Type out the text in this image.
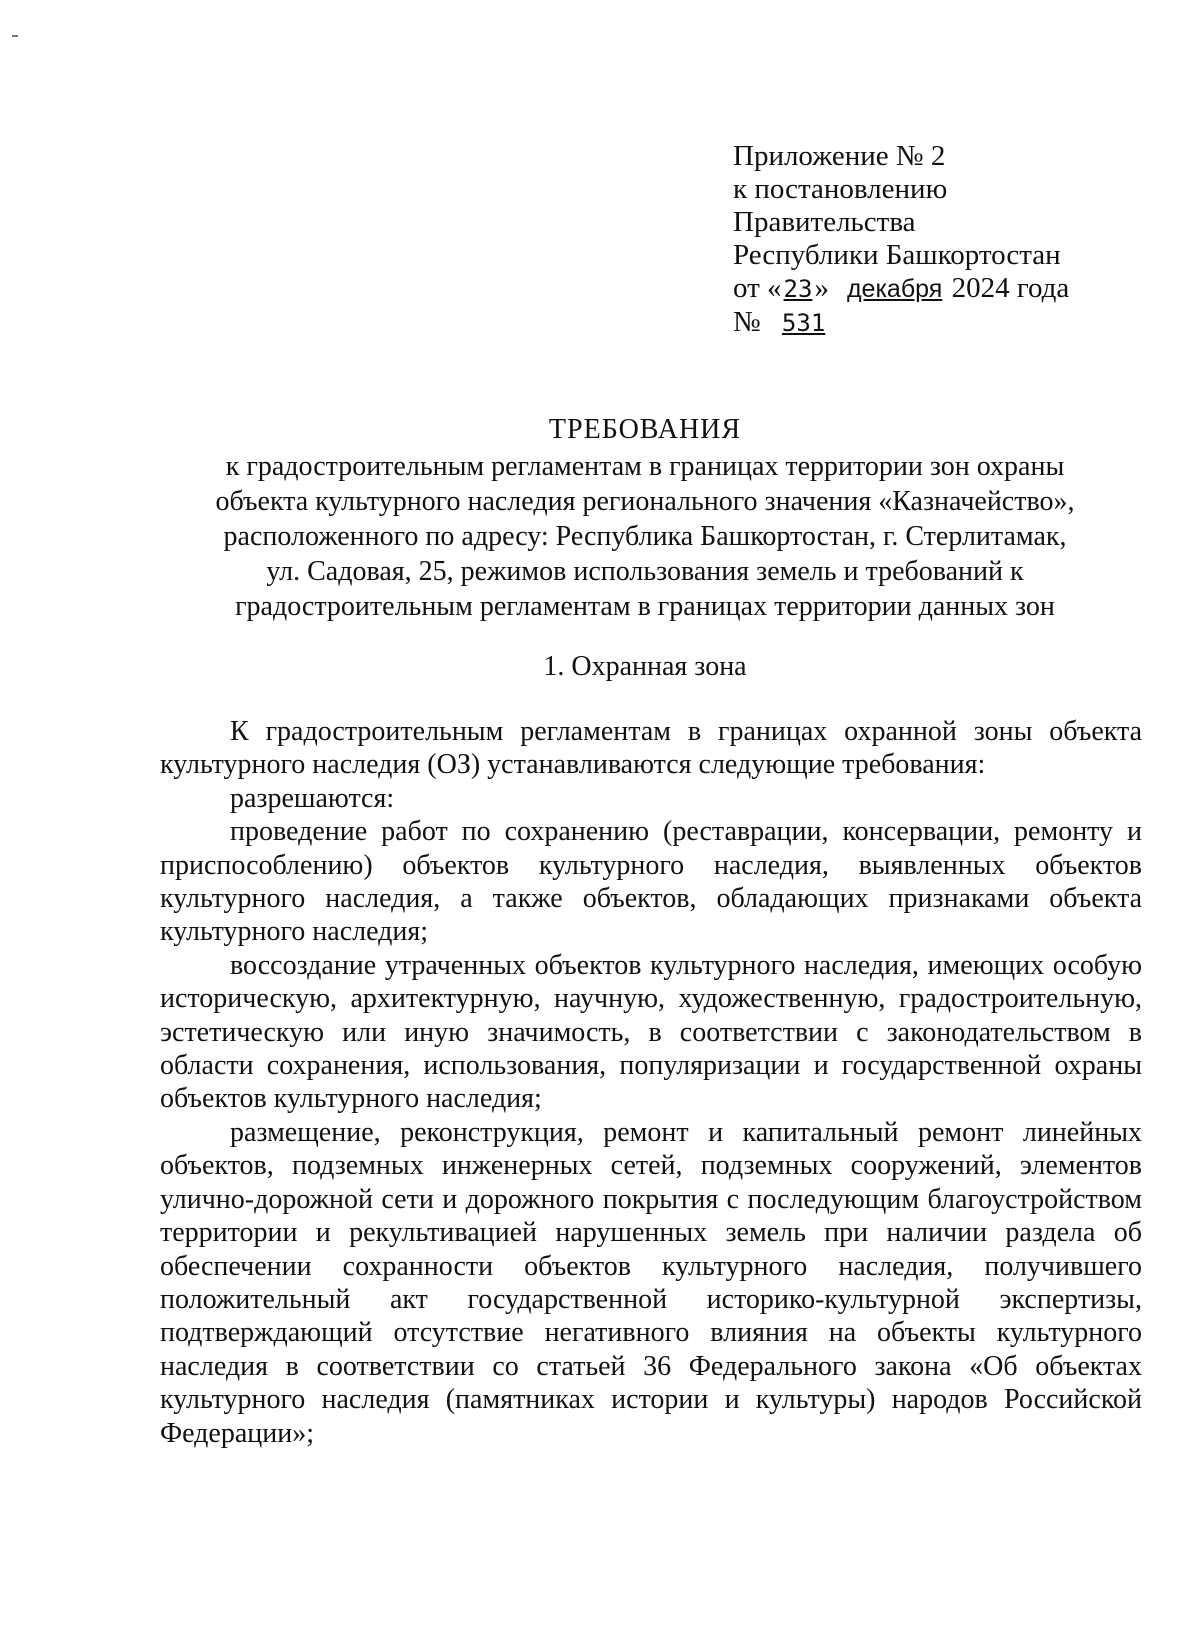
Приложение № 2
к постановлению
Правительства
Республики Башкортостан
от «23» декабря 2024 года
№ 531
ТРЕБОВАНИЯ
к градостроительным регламентам в границах территории зон охраны
объекта культурного наследия регионального значения «Казначейство»,
расположенного по адресу: Республика Башкортостан, г. Стерлитамак,
ул. Садовая, 25, режимов использования земель и требований к
градостроительным регламентам в границах территории данных зон
1. Охранная зона

К градостроительным регламентам в границах охранной зоны объекта культурного наследия (ОЗ) устанавливаются следующие требования:

разрешаются:

проведение работ по сохранению (реставрации, консервации, ремонту и приспособлению) объектов культурного наследия, выявленных объектов культурного наследия, а также объектов, обладающих признаками объекта культурного наследия;

воссоздание утраченных объектов культурного наследия, имеющих особую историческую, архитектурную, научную, художественную, градостроительную, эстетическую или иную значимость, в соответствии с законодательством в области сохранения, использования, популяризации и государственной охраны объектов культурного наследия;

размещение, реконструкция, ремонт и капитальный ремонт линейных объектов, подземных инженерных сетей, подземных сооружений, элементов улично-дорожной сети и дорожного покрытия с последующим благоустройством территории и рекультивацией нарушенных земель при наличии раздела об обеспечении сохранности объектов культурного наследия, получившего положительный акт государственной историко-культурной экспертизы, подтверждающий отсутствие негативного влияния на объекты культурного наследия в соответствии со статьей 36 Федерального закона «Об объектах культурного наследия (памятниках истории и культуры) народов Российской Федерации»;
